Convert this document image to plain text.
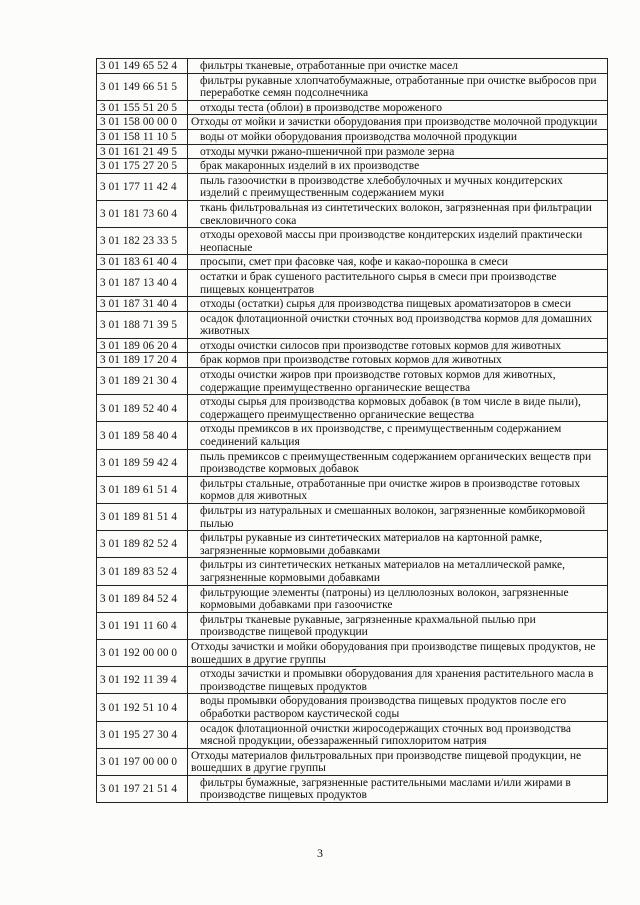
3 01 149 65 52 4	фильтры тканевые, отработанные при очистке масел
3 01 149 66 51 5	фильтры рукавные хлопчатобумажные, отработанные при очистке выбросов при переработке семян подсолнечника
3 01 155 51 20 5	отходы теста (облои) в производстве мороженого
3 01 158 00 00 0	Отходы от мойки и зачистки оборудования при производстве молочной продукции
3 01 158 11 10 5	воды от мойки оборудования производства молочной продукции
3 01 161 21 49 5	отходы мучки ржано-пшеничной при размоле зерна
3 01 175 27 20 5	брак макаронных изделий в их производстве
3 01 177 11 42 4	пыль газоочистки в производстве хлебобулочных и мучных кондитерских изделий с преимущественным содержанием муки
3 01 181 73 60 4	ткань фильтровальная из синтетических волокон, загрязненная при фильтрации свекловичного сока
3 01 182 23 33 5	отходы ореховой массы при производстве кондитерских изделий практически неопасные
3 01 183 61 40 4	просыпи, смет при фасовке чая, кофе и какао-порошка в смеси
3 01 187 13 40 4	остатки и брак сушеного растительного сырья в смеси при производстве пищевых концентратов
3 01 187 31 40 4	отходы (остатки) сырья для производства пищевых ароматизаторов в смеси
3 01 188 71 39 5	осадок флотационной очистки сточных вод производства кормов для домашних животных
3 01 189 06 20 4	отходы очистки силосов при производстве готовых кормов для животных
3 01 189 17 20 4	брак кормов при производстве готовых кормов для животных
3 01 189 21 30 4	отходы очистки жиров при производстве готовых кормов для животных, содержащие преимущественно органические вещества
3 01 189 52 40 4	отходы сырья для производства кормовых добавок (в том числе в виде пыли), содержащего преимущественно органические вещества
3 01 189 58 40 4	отходы премиксов в их производстве, с преимущественным содержанием соединений кальция
3 01 189 59 42 4	пыль премиксов с преимущественным содержанием органических веществ при производстве кормовых добавок
3 01 189 61 51 4	фильтры стальные, отработанные при очистке жиров в производстве готовых кормов для животных
3 01 189 81 51 4	фильтры из натуральных и смешанных волокон, загрязненные комбикормовой пылью
3 01 189 82 52 4	фильтры рукавные из синтетических материалов на картонной рамке, загрязненные кормовыми добавками
3 01 189 83 52 4	фильтры из синтетических нетканых материалов на металлической рамке, загрязненные кормовыми добавками
3 01 189 84 52 4	фильтрующие элементы (патроны) из целлюлозных волокон, загрязненные кормовыми добавками при газоочистке
3 01 191 11 60 4	фильтры тканевые рукавные, загрязненные крахмальной пылью при производстве пищевой продукции
3 01 192 00 00 0	Отходы зачистки и мойки оборудования при производстве пищевых продуктов, не вошедших в другие группы
3 01 192 11 39 4	отходы зачистки и промывки оборудования для хранения растительного масла в производстве пищевых продуктов
3 01 192 51 10 4	воды промывки оборудования производства пищевых продуктов после его обработки раствором каустической соды
3 01 195 27 30 4	осадок флотационной очистки жиросодержащих сточных вод производства мясной продукции, обеззараженный гипохлоритом натрия
3 01 197 00 00 0	Отходы материалов фильтровальных при производстве пищевой продукции, не вошедших в другие группы
3 01 197 21 51 4	фильтры бумажные, загрязненные растительными маслами и/или жирами в производстве пищевых продуктов
3
